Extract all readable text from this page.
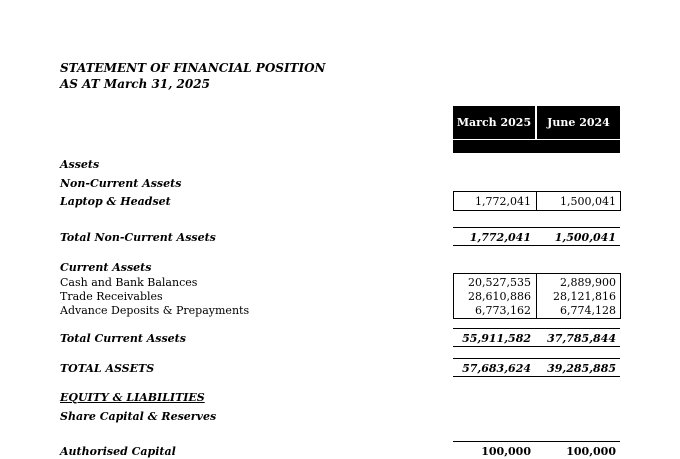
STATEMENT OF FINANCIAL POSITION
AS AT March 31, 2025
March 2025 June 2024
Assets
Non-Current Assets
Laptop & Headset	1,772,041	1,500,041
Total Non-Current Assets	1,772,041	1,500,041
Current Assets
Cash and Bank Balances	20,527,535	2,889,900
Trade Receivables	28,610,886	28,121,816
Advance Deposits & Prepayments	6,773,162	6,774,128
Total Current Assets	55,911,582	37,785,844
TOTAL ASSETS	57,683,624	39,285,885
EQUITY & LIABILITIES
Share Capital & Reserves
Authorised Capital	100,000	100,000
